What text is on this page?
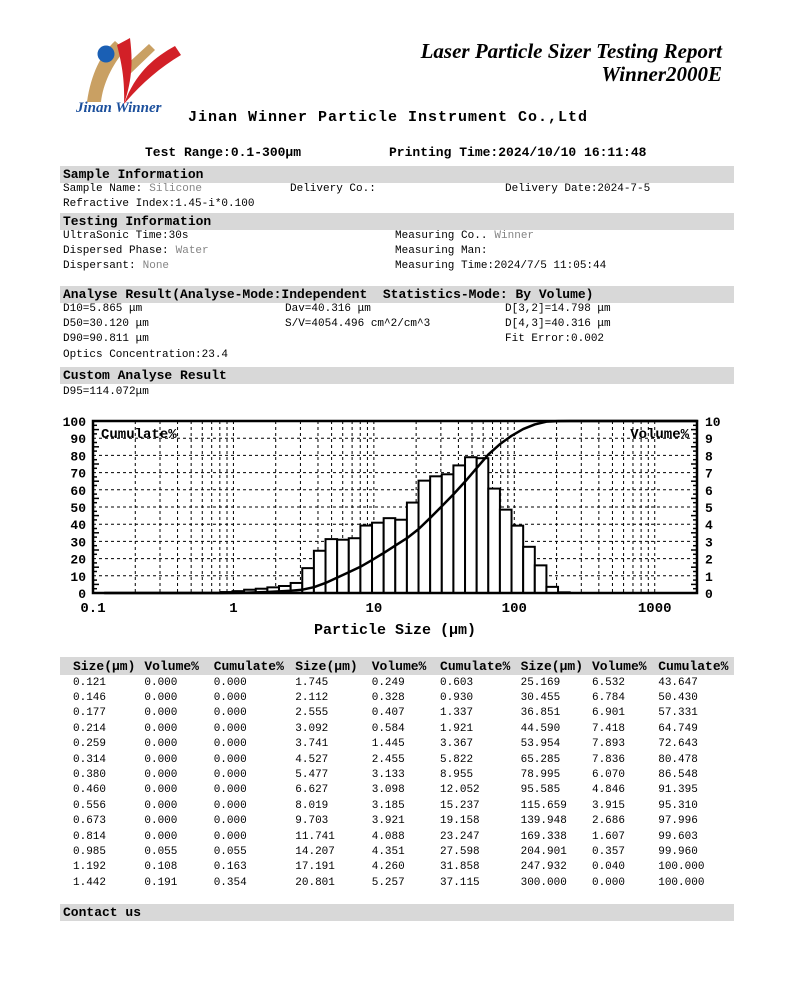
Jinan Winner
Laser Particle Sizer Testing Report
Winner2000E
Jinan Winner Particle Instrument Co.,Ltd
Test Range:0.1-300μm	Printing Time:2024/10/10 16:11:48
Sample Information
Sample Name: Silicone	Delivery Co.:	Delivery Date:2024-7-5
Refractive Index:1.45-i*0.100
Testing Information
UltraSonic Time:30s
Dispersed Phase: Water
Dispersant: None
Measuring Co.. Winner
Measuring Man:
Measuring Time:2024/7/5 11:05:44
Analyse Result(Analyse-Mode:Independent  Statistics-Mode: By Volume)
D10=5.865 μm
D50=30.120 μm
D90=90.811 μm
Optics Concentration:23.4
Dav=40.316 μm
S/V=4054.496 cm^2/cm^3
D[3,2]=14.798 μm
D[4,3]=40.316 μm
Fit Error:0.002
Custom Analyse Result
D95=114.072μm
0
10
20
30
40
50
60
70
80
90
100
0
1
2
3
4
5
6
7
8
9
10
0.1	1	10	100	1000
Cumulate%	Volume%
Particle Size (μm)
Size(μm)	Volume%	Cumulate%	Size(μm)	Volume%	Cumulate%	Size(μm)	Volume%	Cumulate%
0.121	0.000	0.000	1.745	0.249	0.603	25.169	6.532	43.647
0.146	0.000	0.000	2.112	0.328	0.930	30.455	6.784	50.430
0.177	0.000	0.000	2.555	0.407	1.337	36.851	6.901	57.331
0.214	0.000	0.000	3.092	0.584	1.921	44.590	7.418	64.749
0.259	0.000	0.000	3.741	1.445	3.367	53.954	7.893	72.643
0.314	0.000	0.000	4.527	2.455	5.822	65.285	7.836	80.478
0.380	0.000	0.000	5.477	3.133	8.955	78.995	6.070	86.548
0.460	0.000	0.000	6.627	3.098	12.052	95.585	4.846	91.395
0.556	0.000	0.000	8.019	3.185	15.237	115.659	3.915	95.310
0.673	0.000	0.000	9.703	3.921	19.158	139.948	2.686	97.996
0.814	0.000	0.000	11.741	4.088	23.247	169.338	1.607	99.603
0.985	0.055	0.055	14.207	4.351	27.598	204.901	0.357	99.960
1.192	0.108	0.163	17.191	4.260	31.858	247.932	0.040	100.000
1.442	0.191	0.354	20.801	5.257	37.115	300.000	0.000	100.000
Contact us
